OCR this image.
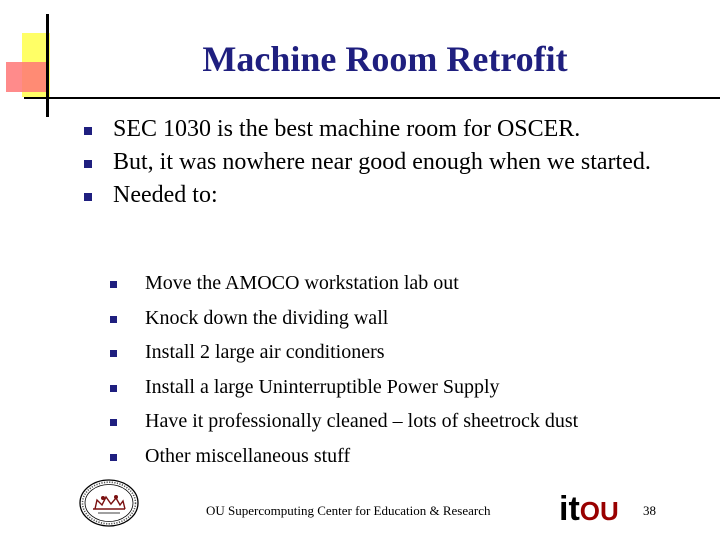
Machine Room Retrofit
SEC 1030 is the best machine room for OSCER.
But, it was nowhere near good enough when we started.
Needed to:
Move the AMOCO workstation lab out
Knock down the dividing wall
Install 2 large air conditioners
Install a large Uninterruptible Power Supply
Have it professionally cleaned – lots of sheetrock dust
Other miscellaneous stuff
OU Supercomputing Center for Education & Research itOU 38
